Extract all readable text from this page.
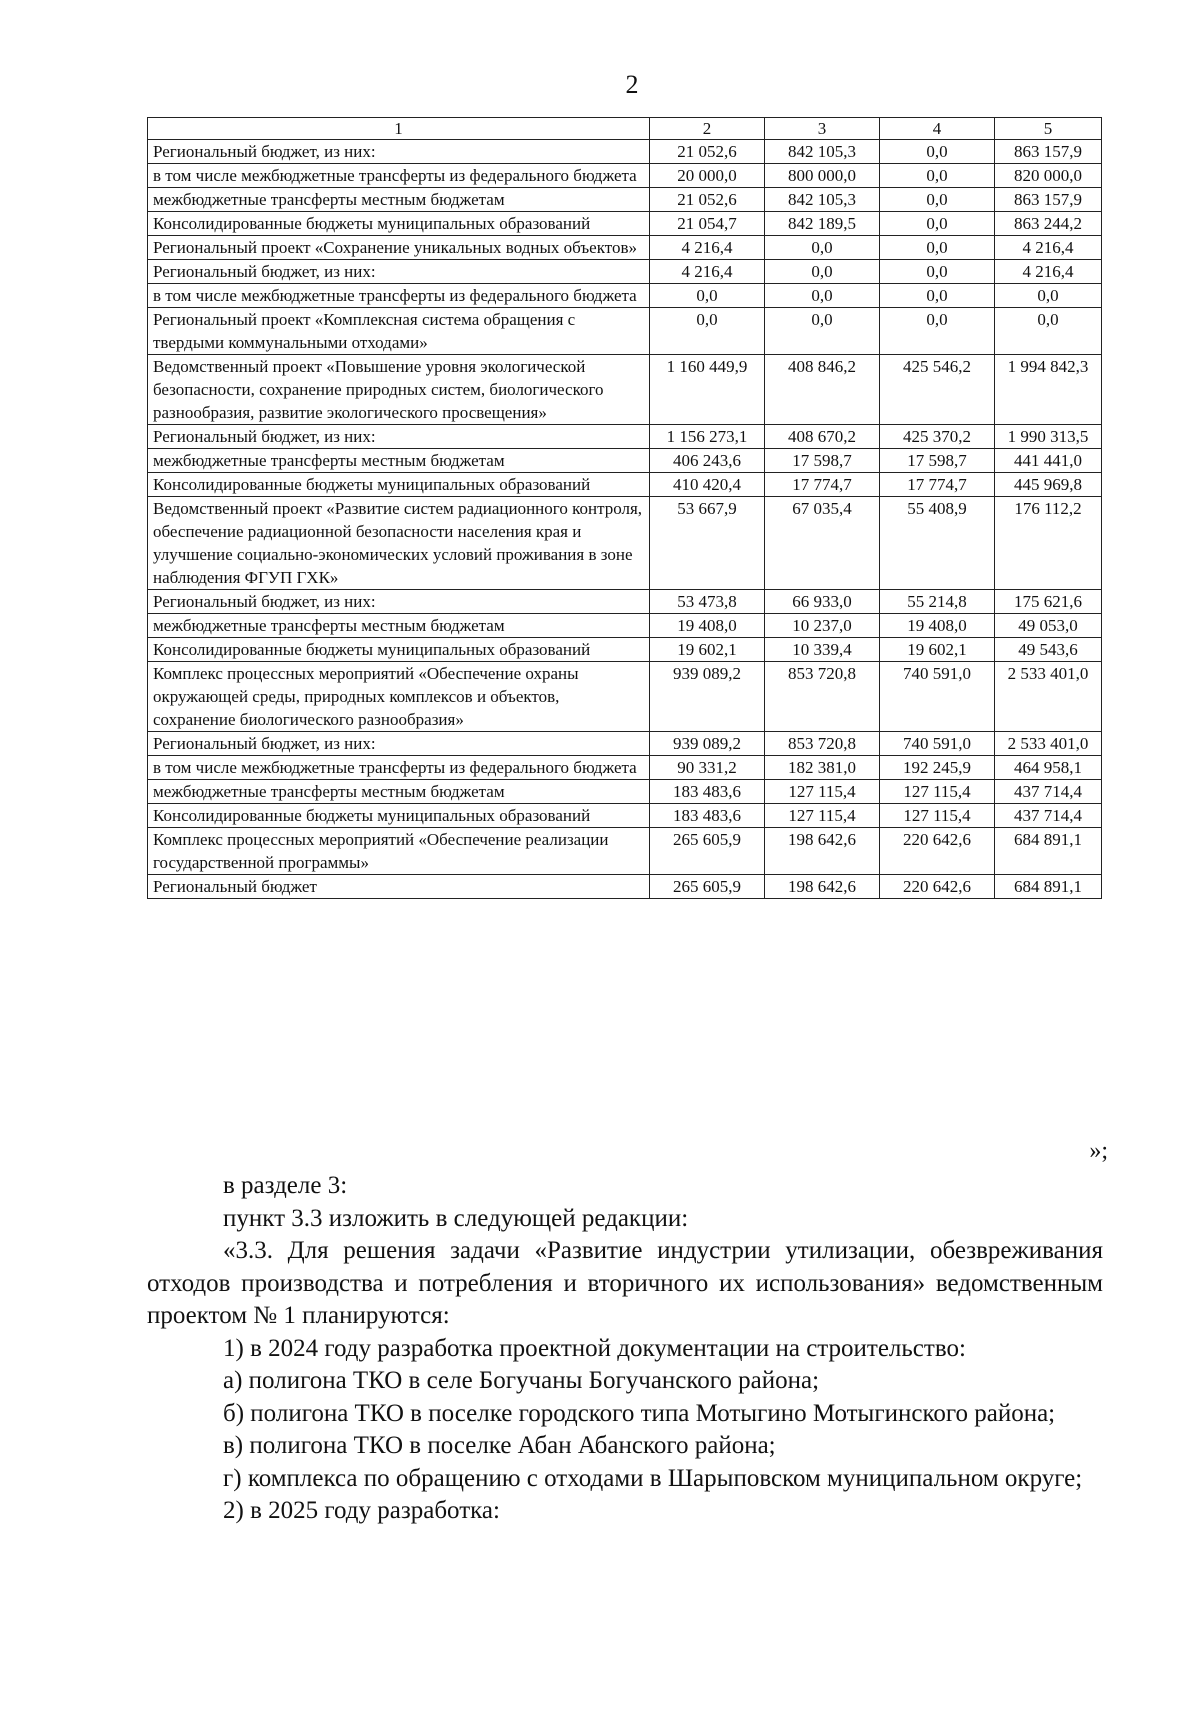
2
1	2	3	4	5
Региональный бюджет, из них:	21 052,6	842 105,3	0,0	863 157,9
в том числе межбюджетные трансферты из федерального бюджета	20 000,0	800 000,0	0,0	820 000,0
межбюджетные трансферты местным бюджетам	21 052,6	842 105,3	0,0	863 157,9
Консолидированные бюджеты муниципальных образований	21 054,7	842 189,5	0,0	863 244,2
Региональный проект «Сохранение уникальных водных объектов»	4 216,4	0,0	0,0	4 216,4
Региональный бюджет, из них:	4 216,4	0,0	0,0	4 216,4
в том числе межбюджетные трансферты из федерального бюджета	0,0	0,0	0,0	0,0
Региональный проект «Комплексная система обращения с твердыми коммунальными отходами»	0,0	0,0	0,0	0,0
Ведомственный проект «Повышение уровня экологической безопасности, сохранение природных систем, биологического разнообразия, развитие экологического просвещения»	1 160 449,9	408 846,2	425 546,2	1 994 842,3
Региональный бюджет, из них:	1 156 273,1	408 670,2	425 370,2	1 990 313,5
межбюджетные трансферты местным бюджетам	406 243,6	17 598,7	17 598,7	441 441,0
Консолидированные бюджеты муниципальных образований	410 420,4	17 774,7	17 774,7	445 969,8
Ведомственный проект «Развитие систем радиационного контроля, обеспечение радиационной безопасности населения края и улучшение социально-экономических условий проживания в зоне наблюдения ФГУП ГХК»	53 667,9	67 035,4	55 408,9	176 112,2
Региональный бюджет, из них:	53 473,8	66 933,0	55 214,8	175 621,6
межбюджетные трансферты местным бюджетам	19 408,0	10 237,0	19 408,0	49 053,0
Консолидированные бюджеты муниципальных образований	19 602,1	10 339,4	19 602,1	49 543,6
Комплекс процессных мероприятий «Обеспечение охраны окружающей среды, природных комплексов и объектов, сохранение биологического разнообразия»	939 089,2	853 720,8	740 591,0	2 533 401,0
Региональный бюджет, из них:	939 089,2	853 720,8	740 591,0	2 533 401,0
в том числе межбюджетные трансферты из федерального бюджета	90 331,2	182 381,0	192 245,9	464 958,1
межбюджетные трансферты местным бюджетам	183 483,6	127 115,4	127 115,4	437 714,4
Консолидированные бюджеты муниципальных образований	183 483,6	127 115,4	127 115,4	437 714,4
Комплекс процессных мероприятий «Обеспечение реализации государственной программы»	265 605,9	198 642,6	220 642,6	684 891,1
Региональный бюджет	265 605,9	198 642,6	220 642,6	684 891,1
»;

в разделе 3:

пункт 3.3 изложить в следующей редакции:

«3.3. Для решения задачи «Развитие индустрии утилизации, обезвреживания отходов производства и потребления и вторичного их использования» ведомственным проектом № 1 планируются:

1) в 2024 году разработка проектной документации на строительство:

а) полигона ТКО в селе Богучаны Богучанского района;

б) полигона ТКО в поселке городского типа Мотыгино Мотыгинского района;

в) полигона ТКО в поселке Абан Абанского района;

г) комплекса по обращению с отходами в Шарыповском муниципальном округе;

2) в 2025 году разработка:
